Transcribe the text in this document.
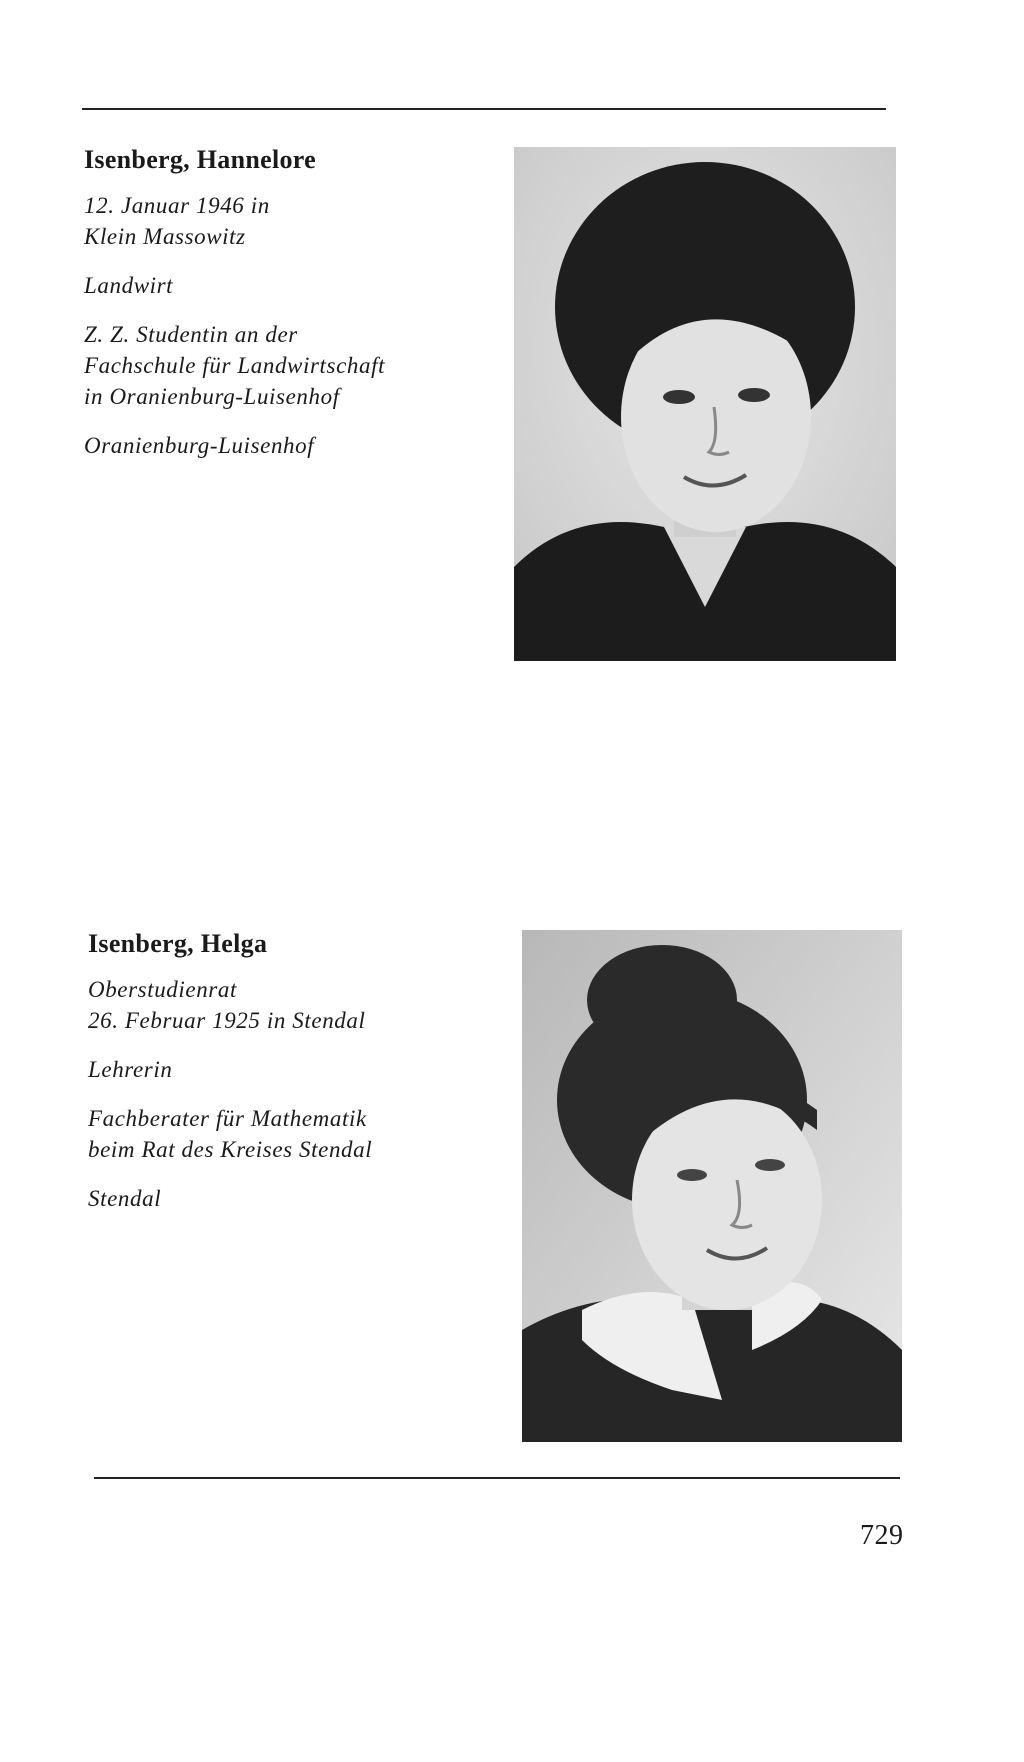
Isenberg, Hannelore

12. Januar 1946 in

Klein Massowitz

Landwirt

Z. Z. Studentin an der

Fachschule für Landwirtschaft

in Oranienburg-Luisenhof

Oranienburg-Luisenhof

Isenberg, Helga

Oberstudienrat

26. Februar 1925 in Stendal

Lehrerin

Fachberater für Mathematik

beim Rat des Kreises Stendal

Stendal

729
